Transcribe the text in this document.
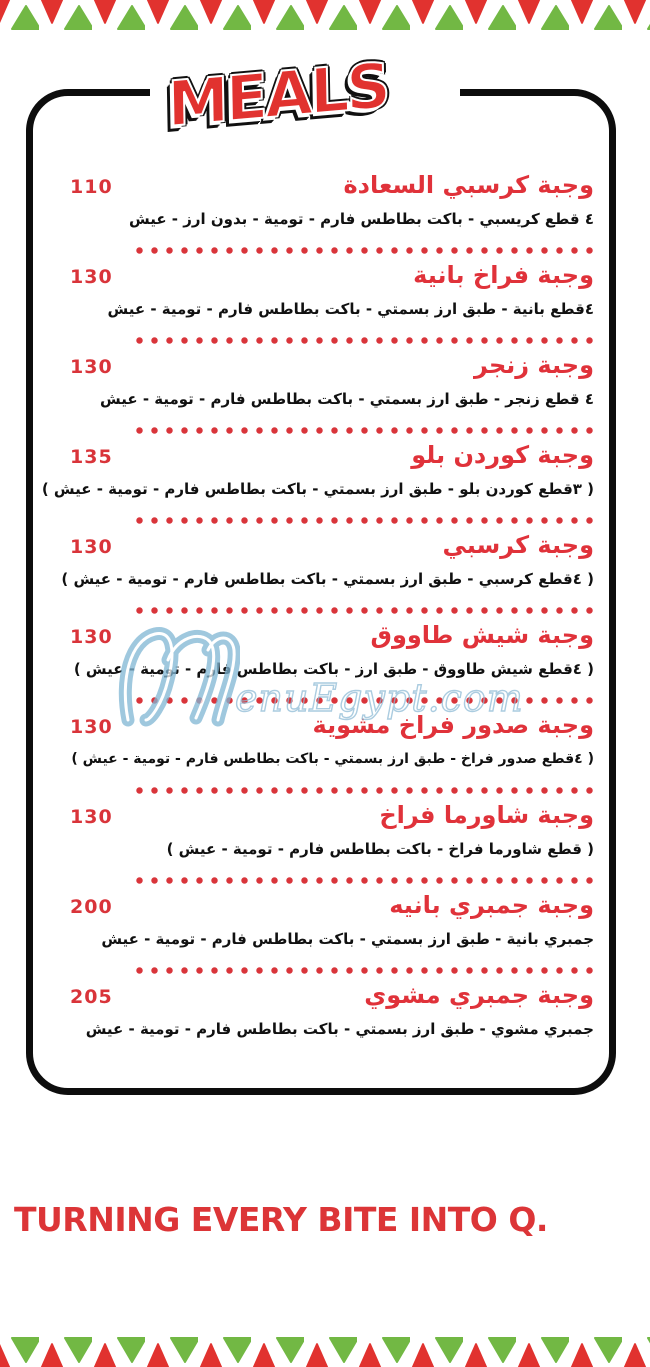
MEALS
110	وجبة كرسبي السعادة
٤ قطع كريسبي - باكت بطاطس فارم - تومية - بدون ارز - عيش
130	وجبة فراخ بانية
٤قطع بانية - طبق ارز بسمتي - باكت بطاطس فارم - تومية - عيش
130	وجبة زنجر
٤ قطع زنجر - طبق ارز بسمتي - باكت بطاطس فارم - تومية - عيش
135	وجبة كوردن بلو
( ٣قطع كوردن بلو - طبق ارز بسمتي - باكت بطاطس فارم - تومية - عيش )
130	وجبة كرسبي
( ٤قطع كرسبي - طبق ارز بسمتي - باكت بطاطس فارم - تومية - عيش )
130	وجبة شيش طاووق
( ٤قطع شيش طاووق - طبق ارز - باكت بطاطس فارم - تومية - عيش )
130	وجبة صدور فراخ مشوية
( ٤قطع صدور فراخ - طبق ارز بسمتي - باكت بطاطس فارم - تومية - عيش )
130	وجبة شاورما فراخ
( قطع شاورما فراخ - باكت بطاطس فارم - تومية - عيش )
200	وجبة جمبري بانيه
جمبري بانية - طبق ارز بسمتي - باكت بطاطس فارم - تومية - عيش
205	وجبة جمبري مشوي
جمبري مشوي - طبق ارز بسمتي - باكت بطاطس فارم - تومية - عيش
TURNING EVERY BITE INTO Q.
